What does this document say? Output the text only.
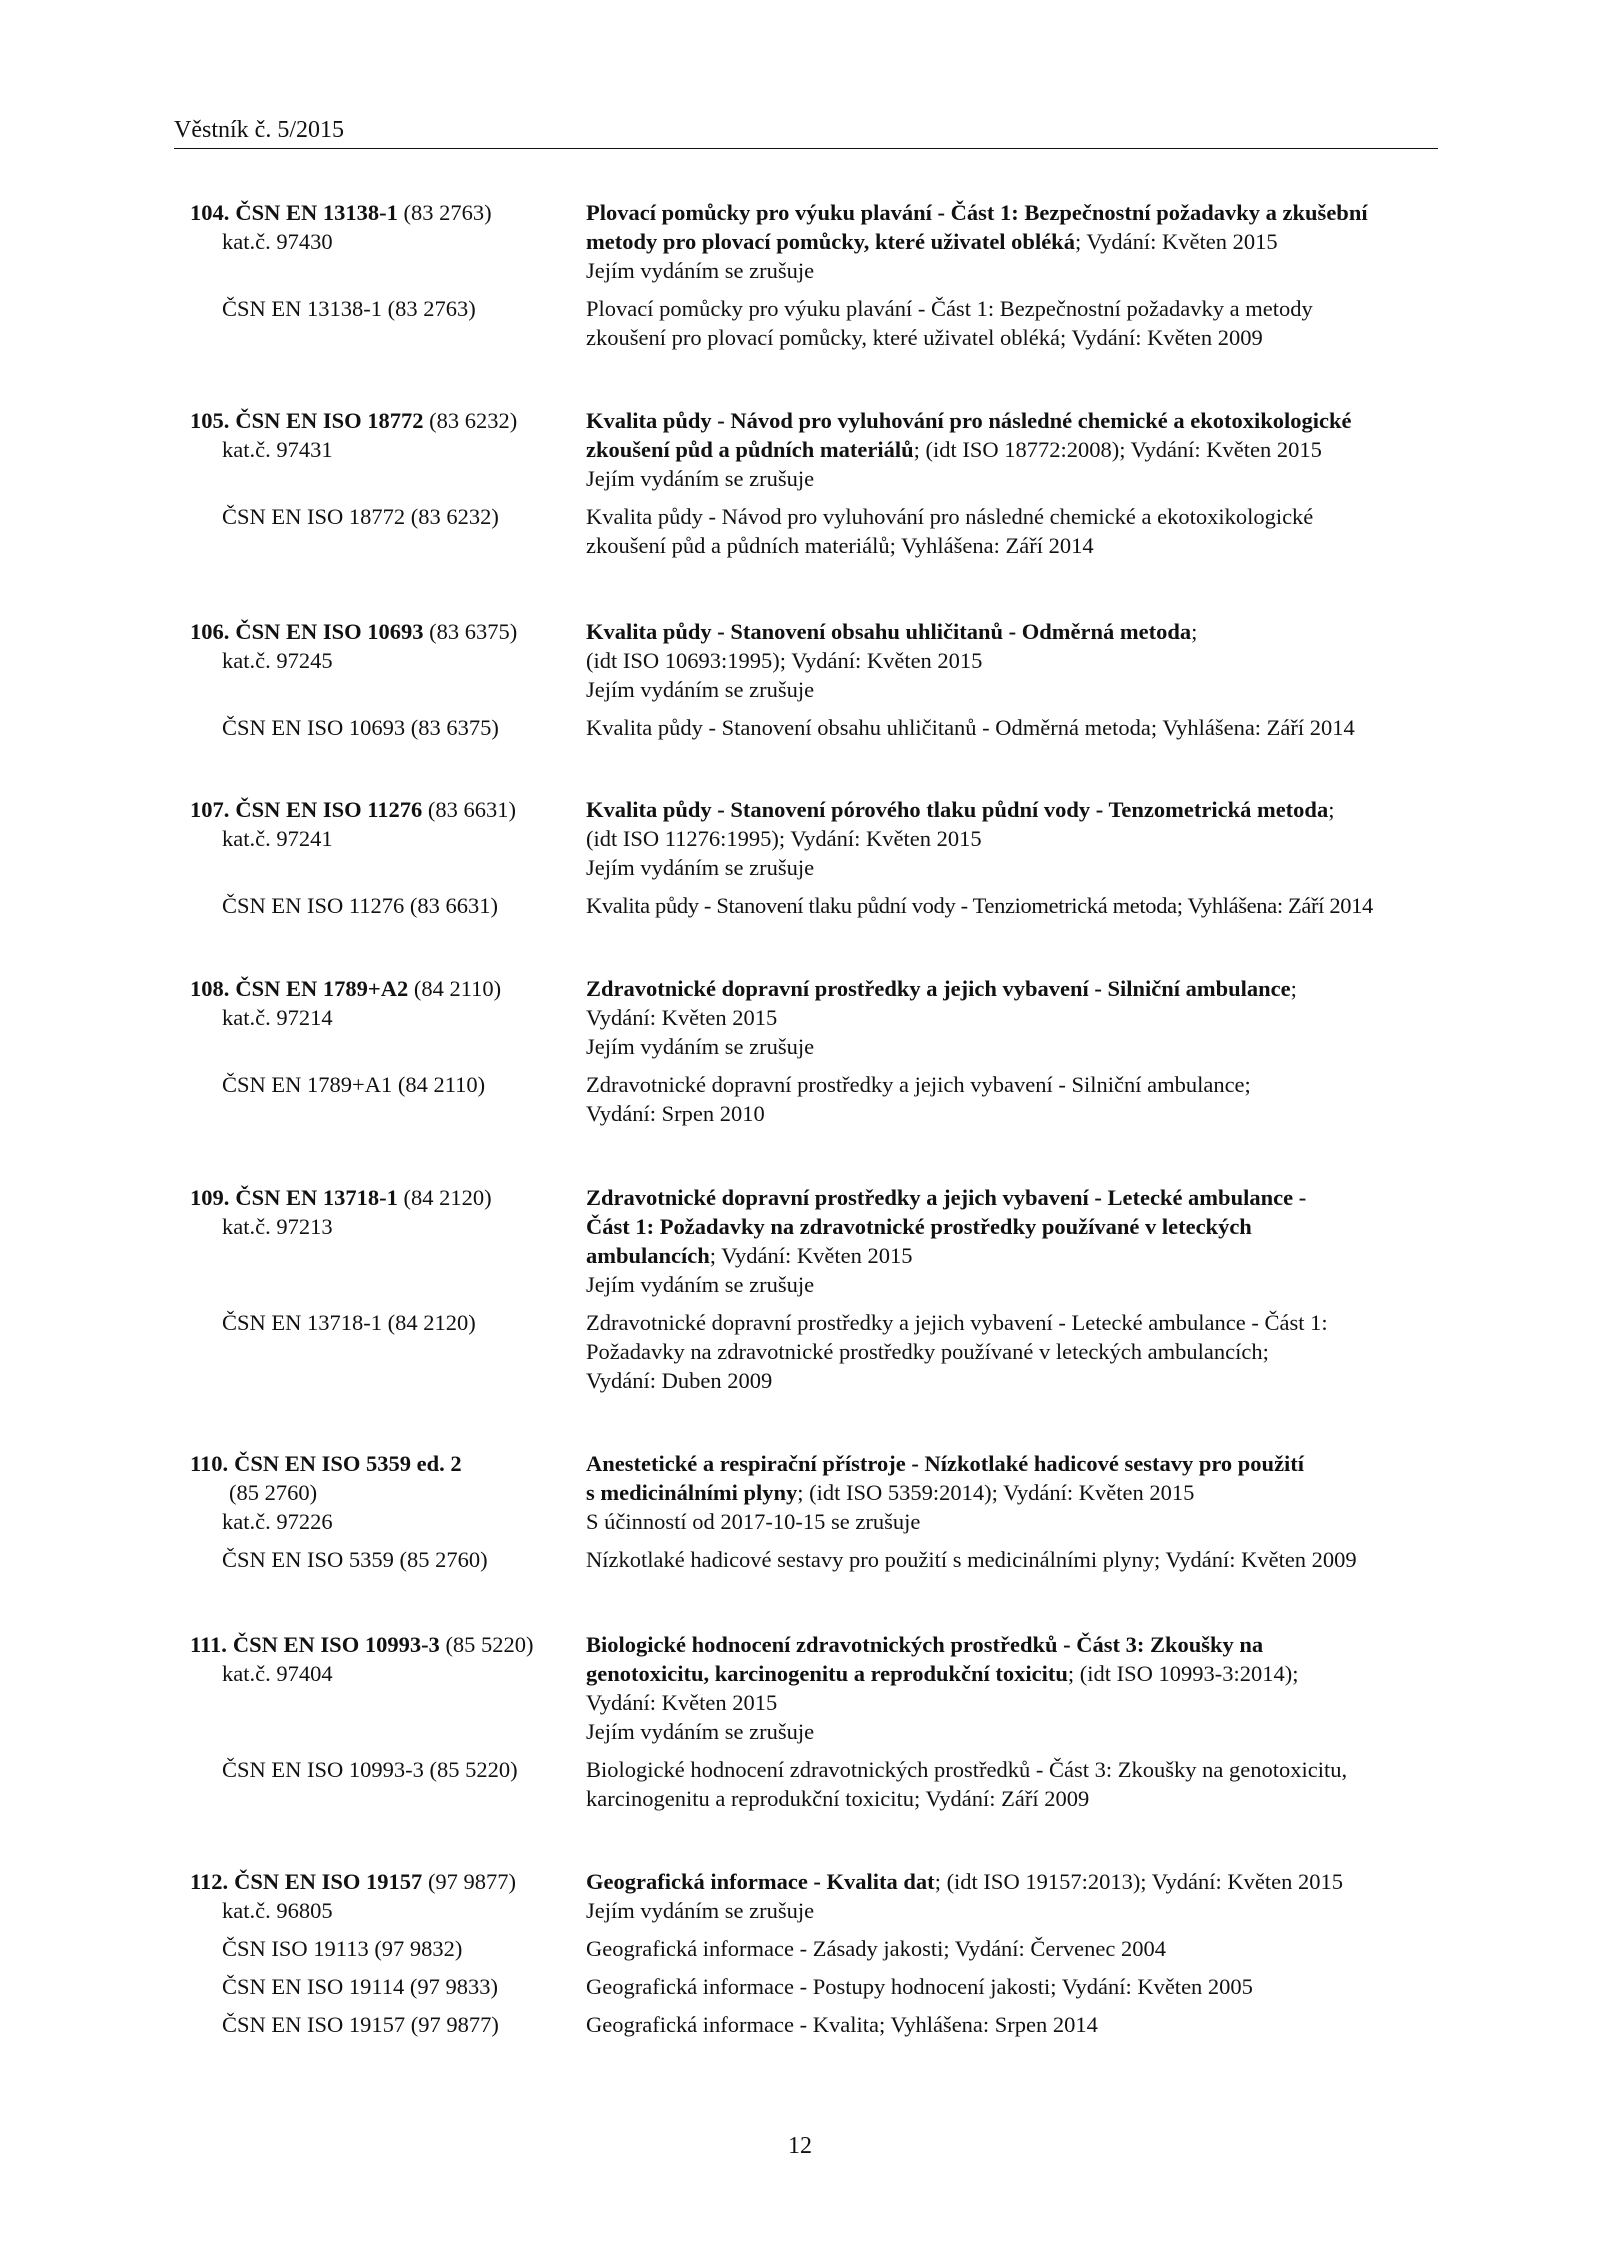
Věstník č. 5/2015
104. ČSN EN 13138-1 (83 2763)	Plovací pomůcky pro výuku plavání - Část 1: Bezpečnostní požadavky a zkušební
kat.č. 97430	metody pro plovací pomůcky, které uživatel obléká; Vydání: Květen 2015
Jejím vydáním se zrušuje
ČSN EN 13138-1 (83 2763)	Plovací pomůcky pro výuku plavání - Část 1: Bezpečnostní požadavky a metody
zkoušení pro plovací pomůcky, které uživatel obléká; Vydání: Květen 2009
105. ČSN EN ISO 18772 (83 6232)	Kvalita půdy - Návod pro vyluhování pro následné chemické a ekotoxikologické
kat.č. 97431	zkoušení půd a půdních materiálů; (idt ISO 18772:2008); Vydání: Květen 2015
Jejím vydáním se zrušuje
ČSN EN ISO 18772 (83 6232)	Kvalita půdy - Návod pro vyluhování pro následné chemické a ekotoxikologické
zkoušení půd a půdních materiálů; Vyhlášena: Září 2014
106. ČSN EN ISO 10693 (83 6375)	Kvalita půdy - Stanovení obsahu uhličitanů - Odměrná metoda;
kat.č. 97245	(idt ISO 10693:1995); Vydání: Květen 2015
Jejím vydáním se zrušuje
ČSN EN ISO 10693 (83 6375)	Kvalita půdy - Stanovení obsahu uhličitanů - Odměrná metoda; Vyhlášena: Září 2014
107. ČSN EN ISO 11276 (83 6631)	Kvalita půdy - Stanovení pórového tlaku půdní vody - Tenzometrická metoda;
kat.č. 97241	(idt ISO 11276:1995); Vydání: Květen 2015
Jejím vydáním se zrušuje
ČSN EN ISO 11276 (83 6631)	Kvalita půdy - Stanovení tlaku půdní vody - Tenziometrická metoda; Vyhlášena: Září 2014
108. ČSN EN 1789+A2 (84 2110)	Zdravotnické dopravní prostředky a jejich vybavení - Silniční ambulance;
kat.č. 97214	Vydání: Květen 2015
Jejím vydáním se zrušuje
ČSN EN 1789+A1 (84 2110)	Zdravotnické dopravní prostředky a jejich vybavení - Silniční ambulance;
Vydání: Srpen 2010
109. ČSN EN 13718-1 (84 2120)	Zdravotnické dopravní prostředky a jejich vybavení - Letecké ambulance -
kat.č. 97213	Část 1: Požadavky na zdravotnické prostředky používané v leteckých
ambulancích; Vydání: Květen 2015
Jejím vydáním se zrušuje
ČSN EN 13718-1 (84 2120)	Zdravotnické dopravní prostředky a jejich vybavení - Letecké ambulance - Část 1:
Požadavky na zdravotnické prostředky používané v leteckých ambulancích;
Vydání: Duben 2009
110. ČSN EN ISO 5359 ed. 2	Anestetické a respirační přístroje - Nízkotlaké hadicové sestavy pro použití
(85 2760)	s medicinálními plyny; (idt ISO 5359:2014); Vydání: Květen 2015
kat.č. 97226	S účinností od 2017-10-15 se zrušuje
ČSN EN ISO 5359 (85 2760)	Nízkotlaké hadicové sestavy pro použití s medicinálními plyny; Vydání: Květen 2009
111. ČSN EN ISO 10993-3 (85 5220)	Biologické hodnocení zdravotnických prostředků - Část 3: Zkoušky na
kat.č. 97404	genotoxicitu, karcinogenitu a reprodukční toxicitu; (idt ISO 10993-3:2014);
Vydání: Květen 2015
Jejím vydáním se zrušuje
ČSN EN ISO 10993-3 (85 5220)	Biologické hodnocení zdravotnických prostředků - Část 3: Zkoušky na genotoxicitu,
karcinogenitu a reprodukční toxicitu; Vydání: Září 2009
112. ČSN EN ISO 19157 (97 9877)	Geografická informace - Kvalita dat; (idt ISO 19157:2013); Vydání: Květen 2015
kat.č. 96805	Jejím vydáním se zrušuje
ČSN ISO 19113 (97 9832)	Geografická informace - Zásady jakosti; Vydání: Červenec 2004
ČSN EN ISO 19114 (97 9833)	Geografická informace - Postupy hodnocení jakosti; Vydání: Květen 2005
ČSN EN ISO 19157 (97 9877)	Geografická informace - Kvalita; Vyhlášena: Srpen 2014
12
